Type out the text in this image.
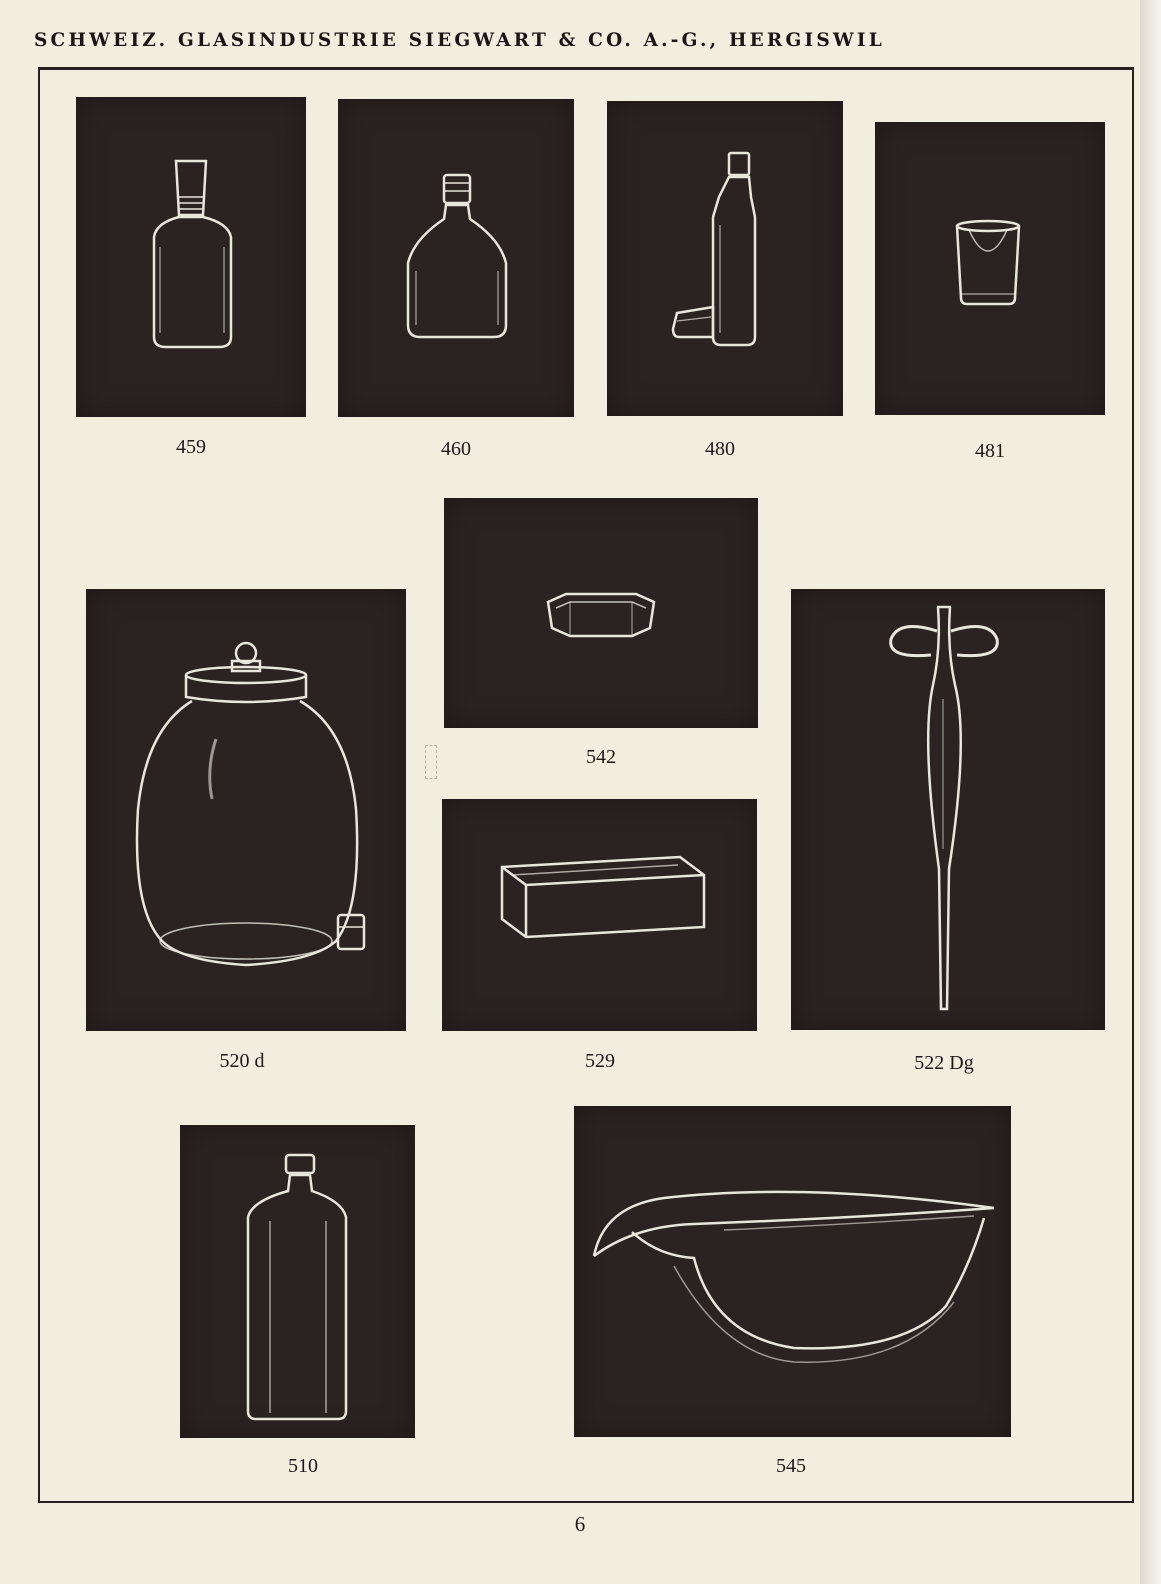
SCHWEIZ. GLASINDUSTRIE SIEGWART & CO. A.-G., HERGISWIL
459	460	480	481
542
520 d	529	522 Dg
510	545
6
